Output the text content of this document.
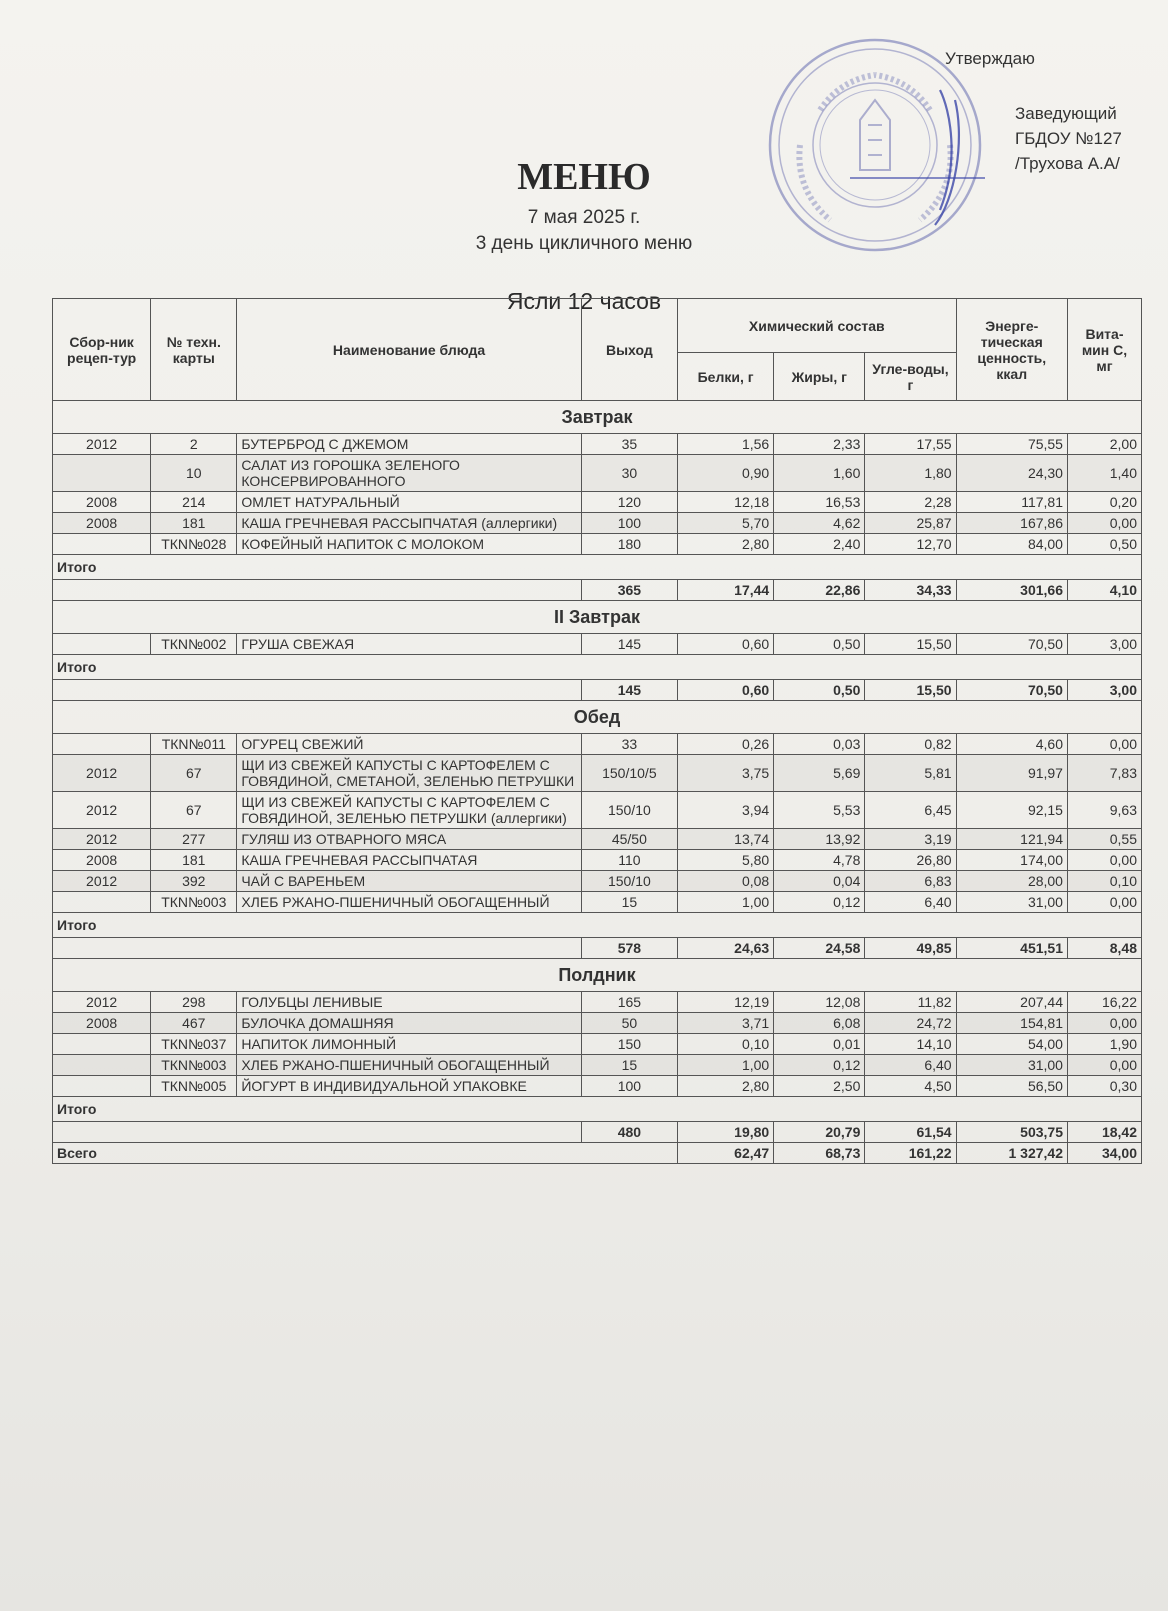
Утверждаю
Заведующий
ГБДОУ №127
/Трухова А.А/
МЕНЮ
7 мая 2025 г.
3 день цикличного меню
Ясли 12 часов
Сбор-ник рецеп-тур	№ техн. карты	Наименование блюда	Выход	Химический состав			Энерге-тическая ценность, ккал	Вита-мин С, мг
				Белки, г	Жиры, г	Угле-воды, г		
Завтрак								
2012	2	БУТЕРБРОД С ДЖЕМОМ	35	1,56	2,33	17,55	75,55	2,00
	10	САЛАТ ИЗ ГОРОШКА ЗЕЛЕНОГО КОНСЕРВИРОВАННОГО	30	0,90	1,60	1,80	24,30	1,40
2008	214	ОМЛЕТ НАТУРАЛЬНЫЙ	120	12,18	16,53	2,28	117,81	0,20
2008	181	КАША ГРЕЧНЕВАЯ РАССЫПЧАТАЯ (аллергики)	100	5,70	4,62	25,87	167,86	0,00
	ТКN№028	КОФЕЙНЫЙ НАПИТОК С МОЛОКОМ	180	2,80	2,40	12,70	84,00	0,50
Итого								
			365	17,44	22,86	34,33	301,66	4,10
II Завтрак								
	ТКN№002	ГРУША СВЕЖАЯ	145	0,60	0,50	15,50	70,50	3,00
Итого								
			145	0,60	0,50	15,50	70,50	3,00
Обед								
	ТКN№011	ОГУРЕЦ СВЕЖИЙ	33	0,26	0,03	0,82	4,60	0,00
2012	67	ЩИ ИЗ СВЕЖЕЙ КАПУСТЫ С КАРТОФЕЛЕМ С ГОВЯДИНОЙ, СМЕТАНОЙ, ЗЕЛЕНЬЮ ПЕТРУШКИ	150/10/5	3,75	5,69	5,81	91,97	7,83
2012	67	ЩИ ИЗ СВЕЖЕЙ КАПУСТЫ С КАРТОФЕЛЕМ С ГОВЯДИНОЙ, ЗЕЛЕНЬЮ ПЕТРУШКИ (аллергики)	150/10	3,94	5,53	6,45	92,15	9,63
2012	277	ГУЛЯШ ИЗ ОТВАРНОГО МЯСА	45/50	13,74	13,92	3,19	121,94	0,55
2008	181	КАША ГРЕЧНЕВАЯ РАССЫПЧАТАЯ	110	5,80	4,78	26,80	174,00	0,00
2012	392	ЧАЙ С ВАРЕНЬЕМ	150/10	0,08	0,04	6,83	28,00	0,10
	ТКN№003	ХЛЕБ РЖАНО-ПШЕНИЧНЫЙ ОБОГАЩЕННЫЙ	15	1,00	0,12	6,40	31,00	0,00
Итого								
			578	24,63	24,58	49,85	451,51	8,48
Полдник								
2012	298	ГОЛУБЦЫ ЛЕНИВЫЕ	165	12,19	12,08	11,82	207,44	16,22
2008	467	БУЛОЧКА ДОМАШНЯЯ	50	3,71	6,08	24,72	154,81	0,00
	ТКN№037	НАПИТОК ЛИМОННЫЙ	150	0,10	0,01	14,10	54,00	1,90
	ТКN№003	ХЛЕБ РЖАНО-ПШЕНИЧНЫЙ ОБОГАЩЕННЫЙ	15	1,00	0,12	6,40	31,00	0,00
	ТКN№005	ЙОГУРТ В ИНДИВИДУАЛЬНОЙ УПАКОВКЕ	100	2,80	2,50	4,50	56,50	0,30
Итого								
			480	19,80	20,79	61,54	503,75	18,42
Всего				62,47	68,73	161,22	1 327,42	34,00
